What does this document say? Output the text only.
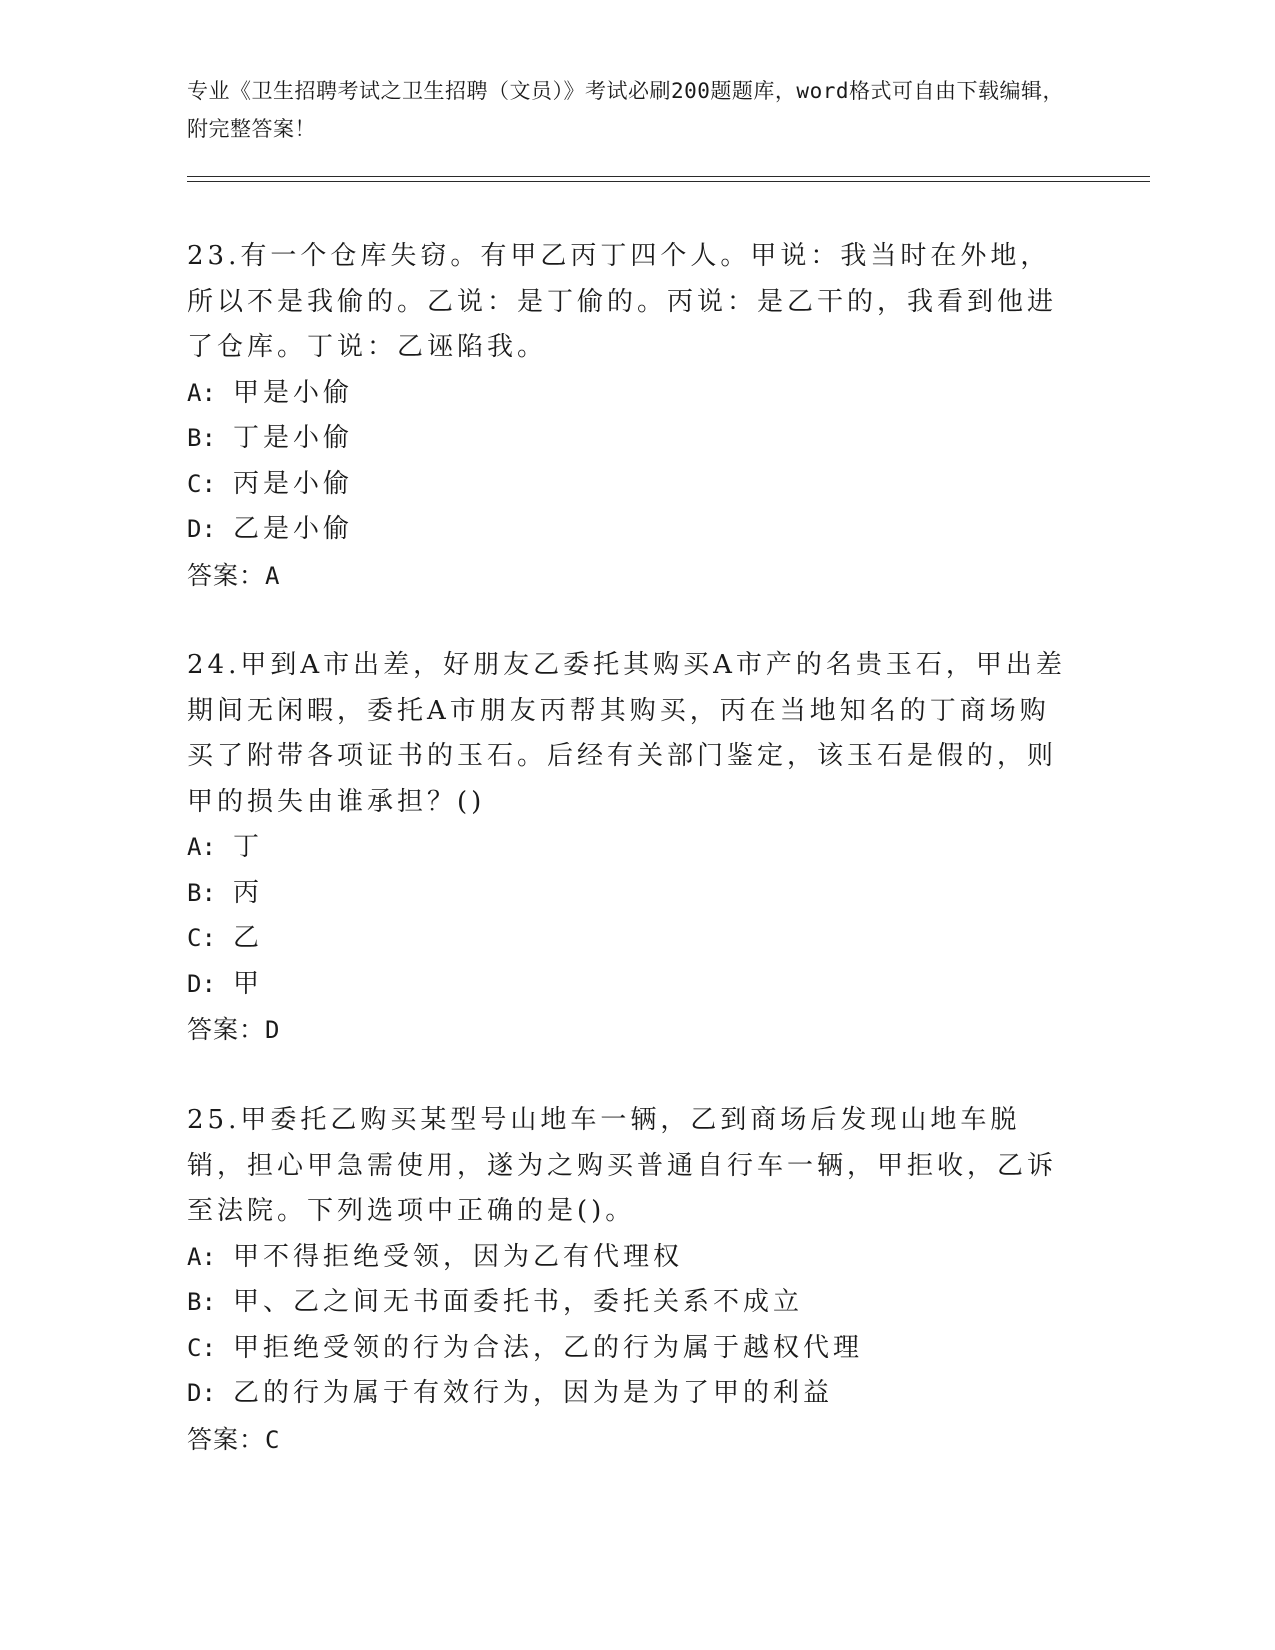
专业《卫生招聘考试之卫生招聘（文员）》考试必刷200题题库，word格式可自由下载编辑，附完整答案！

23.有一个仓库失窃。有甲乙丙丁四个人。甲说：我当时在外地，所以不是我偷的。乙说：是丁偷的。丙说：是乙干的，我看到他进了仓库。丁说：乙诬陷我。

A: 甲是小偷
B: 丁是小偷
C: 丙是小偷
D: 乙是小偷
答案：A

24.甲到A市出差，好朋友乙委托其购买A市产的名贵玉石，甲出差期间无闲暇，委托A市朋友丙帮其购买，丙在当地知名的丁商场购买了附带各项证书的玉石。后经有关部门鉴定，该玉石是假的，则甲的损失由谁承担？()

A: 丁
B: 丙
C: 乙
D: 甲
答案：D

25.甲委托乙购买某型号山地车一辆，乙到商场后发现山地车脱销，担心甲急需使用，遂为之购买普通自行车一辆，甲拒收，乙诉至法院。下列选项中正确的是()。

A: 甲不得拒绝受领，因为乙有代理权
B: 甲、乙之间无书面委托书，委托关系不成立
C: 甲拒绝受领的行为合法，乙的行为属于越权代理
D: 乙的行为属于有效行为，因为是为了甲的利益
答案：C
